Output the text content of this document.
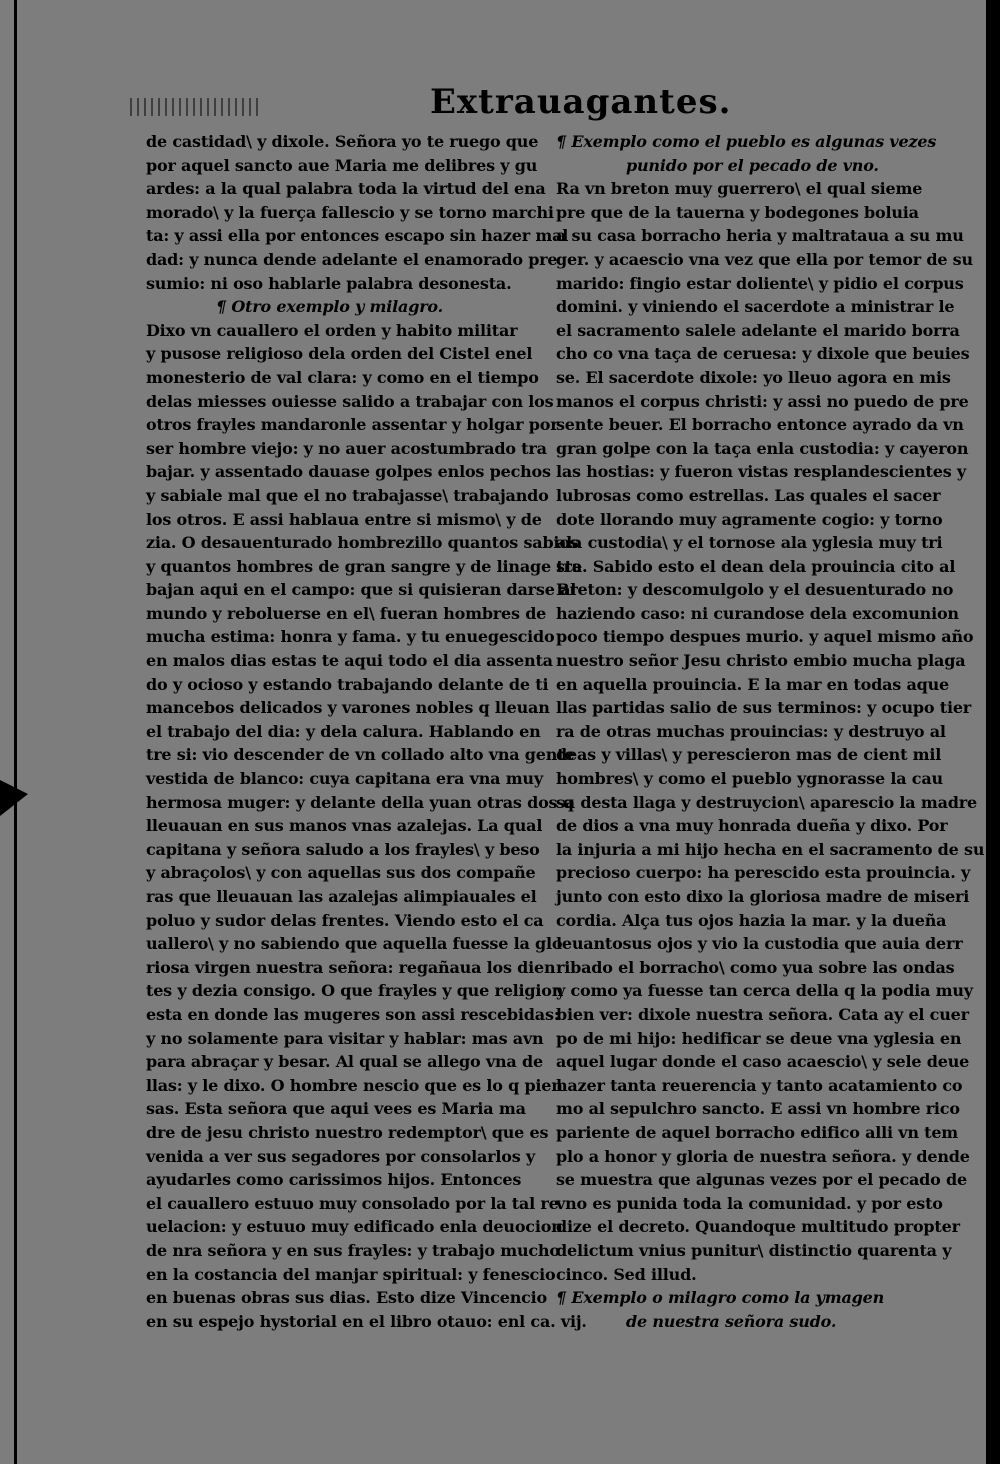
Extrauagantes.
de castidad\ y dixole. Señora yo te ruego que
por aquel sancto aue Maria me delibres y gu
ardes: a la qual palabra toda la virtud del ena
morado\ y la fuerça fallescio y se torno marchi
ta: y assi ella por entonces escapo sin hazer mal
dad: y nunca dende adelante el enamorado pre
sumio: ni oso hablarle palabra desonesta.
¶ Otro exemplo y milagro.
Dixo vn cauallero el orden y habito militar
y pusose religioso dela orden del Cistel enel
monesterio de val clara: y como en el tiempo
delas miesses ouiesse salido a trabajar con los
otros frayles mandaronle assentar y holgar por
ser hombre viejo: y no auer acostumbrado tra
bajar. y assentado dauase golpes enlos pechos
y sabiale mal que el no trabajasse\ trabajando
los otros. E assi hablaua entre si mismo\ y de
zia. O desauenturado hombrezillo quantos sabios
y quantos hombres de gran sangre y de linage tra
bajan aqui en el campo: que si quisieran darse al
mundo y reboluerse en el\ fueran hombres de
mucha estima: honra y fama. y tu enuegescido
en malos dias estas te aqui todo el dia assenta
do y ocioso y estando trabajando delante de ti
mancebos delicados y varones nobles q lleuan
el trabajo del dia: y dela calura. Hablando en
tre si: vio descender de vn collado alto vna gente
vestida de blanco: cuya capitana era vna muy
hermosa muger: y delante della yuan otras dos q
lleuauan en sus manos vnas azalejas. La qual
capitana y señora saludo a los frayles\ y beso
y abraçolos\ y con aquellas sus dos compañe
ras que lleuauan las azalejas alimpiauales el
poluo y sudor delas frentes. Viendo esto el ca
uallero\ y no sabiendo que aquella fuesse la glo
riosa virgen nuestra señora: regañaua los dien
tes y dezia consigo. O que frayles y que religion
esta en donde las mugeres son assi rescebidas:
y no solamente para visitar y hablar: mas avn
para abraçar y besar. Al qual se allego vna de
llas: y le dixo. O hombre nescio que es lo q pien
sas. Esta señora que aqui vees es Maria ma
dre de jesu christo nuestro redemptor\ que es
venida a ver sus segadores por consolarlos y
ayudarles como carissimos hijos. Entonces
el cauallero estuuo muy consolado por la tal re
uelacion: y estuuo muy edificado enla deuocion
de nra señora y en sus frayles: y trabajo mucho
en la costancia del manjar spiritual: y fenescio
en buenas obras sus dias. Esto dize Vincencio
en su espejo hystorial en el libro otauo: enl ca. vij.
¶ Exemplo como el pueblo es algunas vezes
punido por el pecado de vno.
Ra vn breton muy guerrero\ el qual sieme
pre que de la tauerna y bodegones boluia
a su casa borracho heria y maltrataua a su mu
ger. y acaescio vna vez que ella por temor de su
marido: fingio estar doliente\ y pidio el corpus
domini. y viniendo el sacerdote a ministrar le
el sacramento salele adelante el marido borra
cho co vna taça de ceruesa: y dixole que beuies
se. El sacerdote dixole: yo lleuo agora en mis
manos el corpus christi: y assi no puedo de pre
sente beuer. El borracho entonce ayrado da vn
gran golpe con la taça enla custodia: y cayeron
las hostias: y fueron vistas resplandescientes y
lubrosas como estrellas. Las quales el sacer
dote llorando muy agramente cogio: y torno
ala custodia\ y el tornose ala yglesia muy tri
ste. Sabido esto el dean dela prouincia cito al
Breton: y descomulgolo y el desuenturado no
haziendo caso: ni curandose dela excomunion
poco tiempo despues murio. y aquel mismo año
nuestro señor Jesu christo embio mucha plaga
en aquella prouincia. E la mar en todas aque
llas partidas salio de sus terminos: y ocupo tier
ra de otras muchas prouincias: y destruyo al
deas y villas\ y perescieron mas de cient mil
hombres\ y como el pueblo ygnorasse la cau
sa desta llaga y destruycion\ aparescio la madre
de dios a vna muy honrada dueña y dixo. Por
la injuria a mi hijo hecha en el sacramento de su
precioso cuerpo: ha perescido esta prouincia. y
junto con esto dixo la gloriosa madre de miseri
cordia. Alça tus ojos hazia la mar. y la dueña
leuantosus ojos y vio la custodia que auia derr
ribado el borracho\ como yua sobre las ondas
y como ya fuesse tan cerca della q la podia muy
bien ver: dixole nuestra señora. Cata ay el cuer
po de mi hijo: hedificar se deue vna yglesia en
aquel lugar donde el caso acaescio\ y sele deue
hazer tanta reuerencia y tanto acatamiento co
mo al sepulchro sancto. E assi vn hombre rico
pariente de aquel borracho edifico alli vn tem
plo a honor y gloria de nuestra señora. y dende
se muestra que algunas vezes por el pecado de
vno es punida toda la comunidad. y por esto
dize el decreto. Quandoque multitudo propter
delictum vnius punitur\ distinctio quarenta y
cinco. Sed illud.
¶ Exemplo o milagro como la ymagen
de nuestra señora sudo.
